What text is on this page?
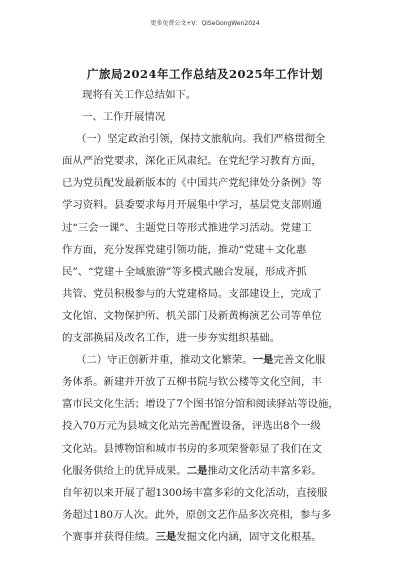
更多免费公文+V：QiSeGongWen2024
广旅局2024年工作总结及2025年工作计划
现将有关工作总结如下。
一、工作开展情况
（一）坚定政治引领，保持文旅航向。我们严格贯彻全
面从严治党要求，深化正风肃纪。在党纪学习教育方面，
已为党员配发最新版本的《中国共产党纪律处分条例》等
学习资料。县委要求每月开展集中学习，基层党支部则通
过“三会一课”、主题党日等形式推进学习活动。党建工
作方面，充分发挥党建引领功能，推动“党建＋文化惠
民”、“党建＋全域旅游”等多模式融合发展，形成齐抓
共管、党员积极参与的大党建格局。支部建设上，完成了
文化馆、文物保护所、机关部门及新黄梅演艺公司等单位
的支部换届及改名工作，进一步夯实组织基础。
（二）守正创新并重，推动文化繁荣。一是完善文化服
务体系。新建并开放了五柳书院与钦公楼等文化空间，丰
富市民文化生活；增设了7个图书馆分馆和阅读驿站等设施，
投入70万元为县城文化站完善配置设备，评选出8个一级
文化站。县博物馆和城市书房的多项荣誉彰显了我们在文
化服务供给上的优异成果。二是推动文化活动丰富多彩。
自年初以来开展了超1300场丰富多彩的文化活动，直接服
务超过180万人次。此外，原创文艺作品多次亮相，参与多
个赛事并获得佳绩。三是发掘文化内涵，固守文化根基。
